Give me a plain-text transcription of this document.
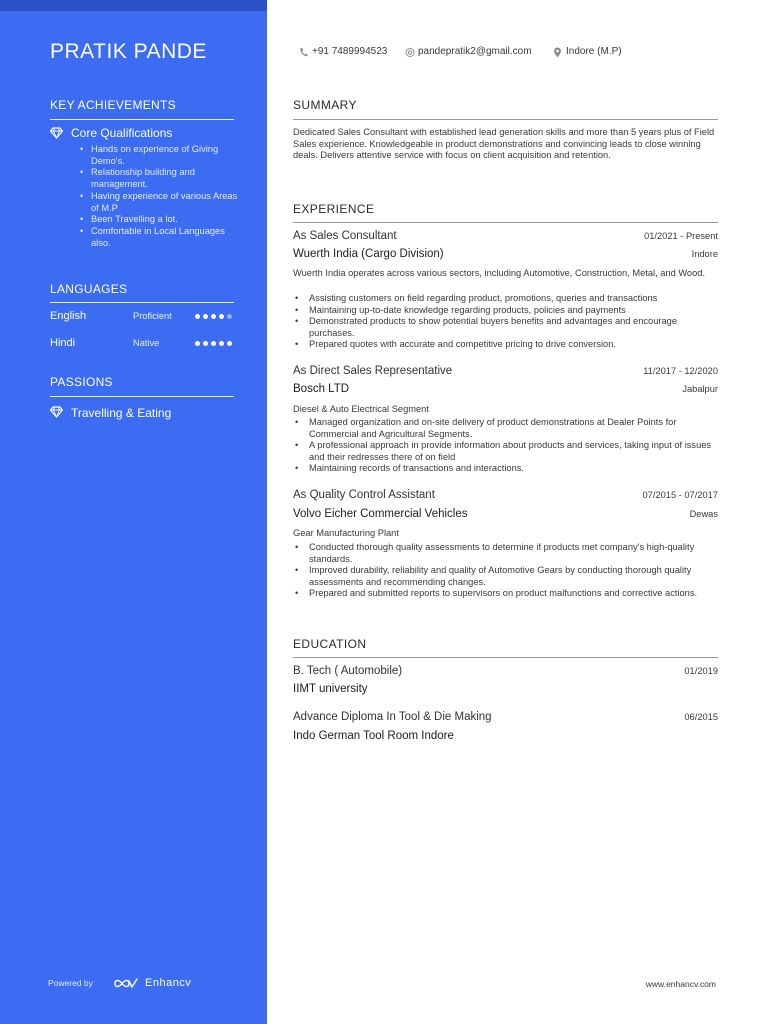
PRATIK PANDE
KEY ACHIEVEMENTS
Core Qualifications
• Hands on experience of Giving Demo's.
• Relationship building and management.
• Having experience of various Areas of M.P
• Been Travelling a lot.
• Comfortable in Local Languages also.
LANGUAGES
English	Proficient
Hindi	Native
PASSIONS
Travelling & Eating
Powered by	Enhancv
+91 7489994523	pandepratik2@gmail.com	Indore (M.P)
SUMMARY
Dedicated Sales Consultant with established lead generation skills and more than 5 years plus of Field Sales experience. Knowledgeable in product demonstrations and convincing leads to close winning deals. Delivers attentive service with focus on client acquisition and retention.
EXPERIENCE
As Sales Consultant	01/2021 - Present
Wuerth India (Cargo Division)	Indore
Wuerth India operates across various sectors, including Automotive, Construction, Metal, and Wood.
• Assisting customers on field regarding product, promotions, queries and transactions
• Maintaining up-to-date knowledge regarding products, policies and payments
• Demonstrated products to show potential buyers benefits and advantages and encourage purchases.
• Prepared quotes with accurate and competitive pricing to drive conversion.
As Direct Sales Representative	11/2017 - 12/2020
Bosch LTD	Jabalpur
Diesel & Auto Electrical Segment
• Managed organization and on-site delivery of product demonstrations at Dealer Points for Commercial and Agricultural Segments.
• A professional approach in provide information about products and services, taking input of issues and their redresses there of on field
• Maintaining records of transactions and interactions.
As Quality Control Assistant	07/2015 - 07/2017
Volvo Eicher Commercial Vehicles	Dewas
Gear Manufacturing Plant
• Conducted thorough quality assessments to determine if products met company's high-quality standards.
• Improved durability, reliability and quality of Automotive Gears by conducting thorough quality assessments and recommending changes.
• Prepared and submitted reports to supervisors on product malfunctions and corrective actions.
EDUCATION
B. Tech ( Automobile)	01/2019
IIMT university
Advance Diploma In Tool & Die Making	06/2015
Indo German Tool Room Indore
www.enhancv.com
